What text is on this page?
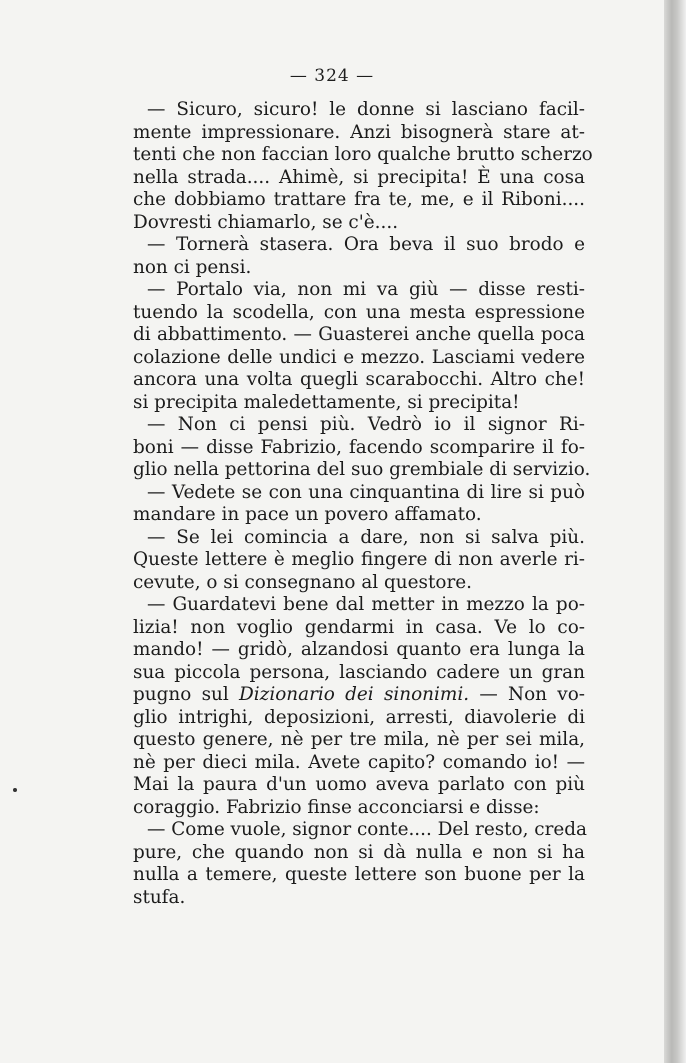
— 324 —
— Sicuro, sicuro! le donne si lasciano facil-
mente impressionare. Anzi bisognerà stare at-
tenti che non faccian loro qualche brutto scherzo
nella strada.... Ahimè, si precipita! È una cosa
che dobbiamo trattare fra te, me, e il Riboni....
Dovresti chiamarlo, se c'è....
— Tornerà stasera. Ora beva il suo brodo e
non ci pensi.
— Portalo via, non mi va giù — disse resti-
tuendo la scodella, con una mesta espressione
di abbattimento. — Guasterei anche quella poca
colazione delle undici e mezzo. Lasciami vedere
ancora una volta quegli scarabocchi. Altro che!
si precipita maledettamente, si precipita!
— Non ci pensi più. Vedrò io il signor Ri-
boni — disse Fabrizio, facendo scomparire il fo-
glio nella pettorina del suo grembiale di servizio.
— Vedete se con una cinquantina di lire si può
mandare in pace un povero affamato.
— Se lei comincia a dare, non si salva più.
Queste lettere è meglio fingere di non averle ri-
cevute, o si consegnano al questore.
— Guardatevi bene dal metter in mezzo la po-
lizia! non voglio gendarmi in casa. Ve lo co-
mando! — gridò, alzandosi quanto era lunga la
sua piccola persona, lasciando cadere un gran
pugno sul Dizionario dei sinonimi. — Non vo-
glio intrighi, deposizioni, arresti, diavolerie di
questo genere, nè per tre mila, nè per sei mila,
nè per dieci mila. Avete capito? comando io! —
Mai la paura d'un uomo aveva parlato con più
coraggio. Fabrizio finse acconciarsi e disse:
— Come vuole, signor conte.... Del resto, creda
pure, che quando non si dà nulla e non si ha
nulla a temere, queste lettere son buone per la
stufa.
